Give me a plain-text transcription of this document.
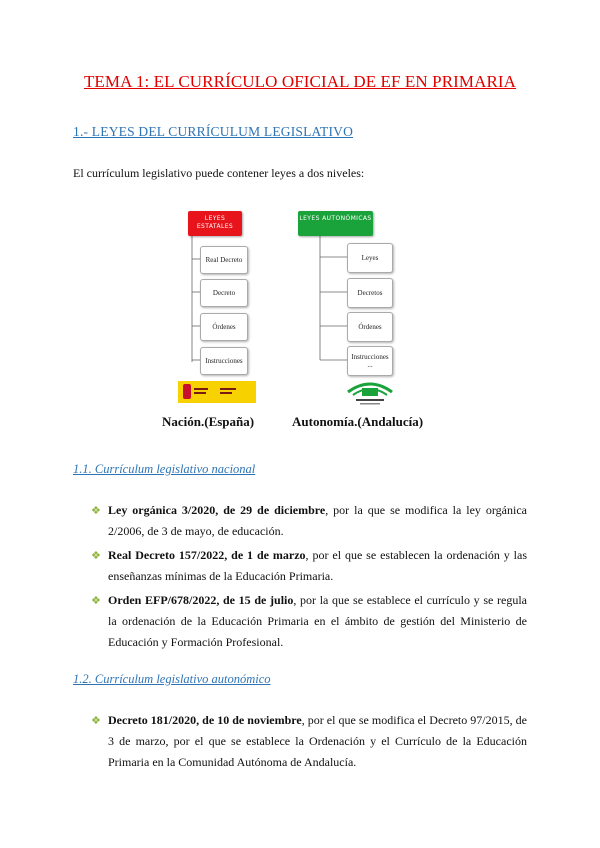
TEMA 1: EL CURRÍCULO OFICIAL DE EF EN PRIMARIA
1.- LEYES DEL CURRÍCULUM LEGISLATIVO
El currículum legislativo puede contener leyes a dos niveles:
LEYES ESTATALES
Real Decreto
Decreto
Órdenes
Instrucciones
LEYES AUTONÓMICAS
Leyes
Decretos
Órdenes
Instrucciones ...
Nación.(España)	Autonomía.(Andalucía)
1.1. Currículum legislativo nacional
❖ Ley orgánica 3/2020, de 29 de diciembre, por la que se modifica la ley orgánica 2/2006, de 3 de mayo, de educación.
❖ Real Decreto 157/2022, de 1 de marzo, por el que se establecen la ordenación y las enseñanzas mínimas de la Educación Primaria.
❖ Orden EFP/678/2022, de 15 de julio, por la que se establece el currículo y se regula la ordenación de la Educación Primaria en el ámbito de gestión del Ministerio de Educación y Formación Profesional.
1.2. Currículum legislativo autonómico
❖ Decreto 181/2020, de 10 de noviembre, por el que se modifica el Decreto 97/2015, de 3 de marzo, por el que se establece la Ordenación y el Currículo de la Educación Primaria en la Comunidad Autónoma de Andalucía.
